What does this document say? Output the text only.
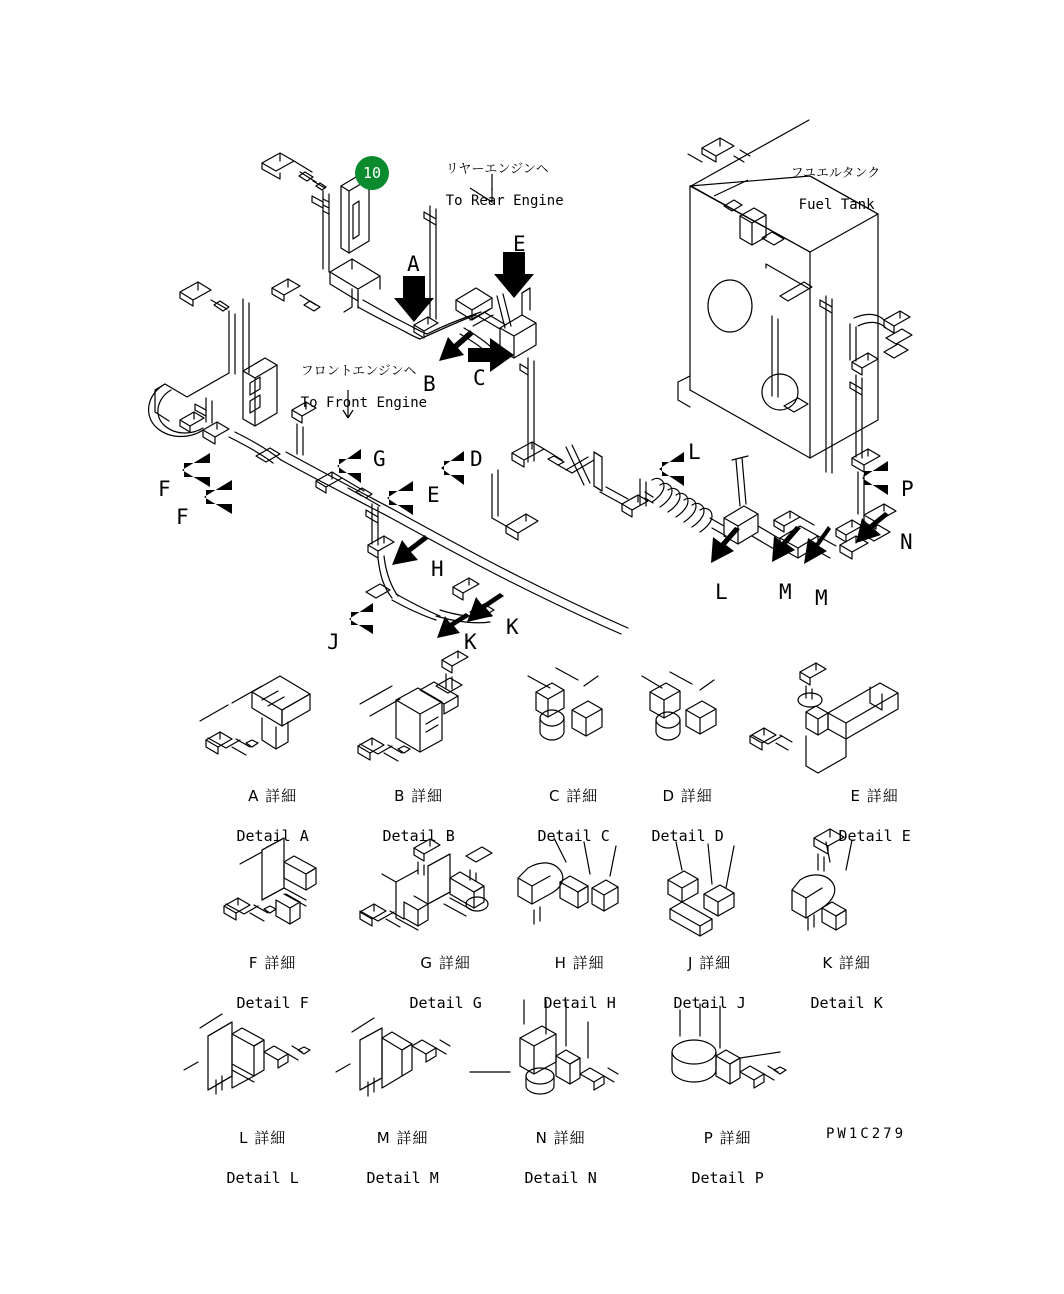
10	リヤーエンジンヘ

To Rear Engine

フユエルタンク

Fuel Tank

フロントエンジンヘ

To Front Engine

A
E
B C
G	D	L
F
F
E	P
N
H
L M M
J	K
K

A 詳細

Detail A

B 詳細

Detail B

C 詳細

Detail C

D 詳細

Detail D

E 詳細

Detail E

F 詳細

Detail F

G 詳細

Detail G

H 詳細

Detail H

J 詳細

Detail J

K 詳細

Detail K

L 詳細

Detail L

M 詳細

Detail M

N 詳細

Detail N

P 詳細

Detail P

PW1C279
